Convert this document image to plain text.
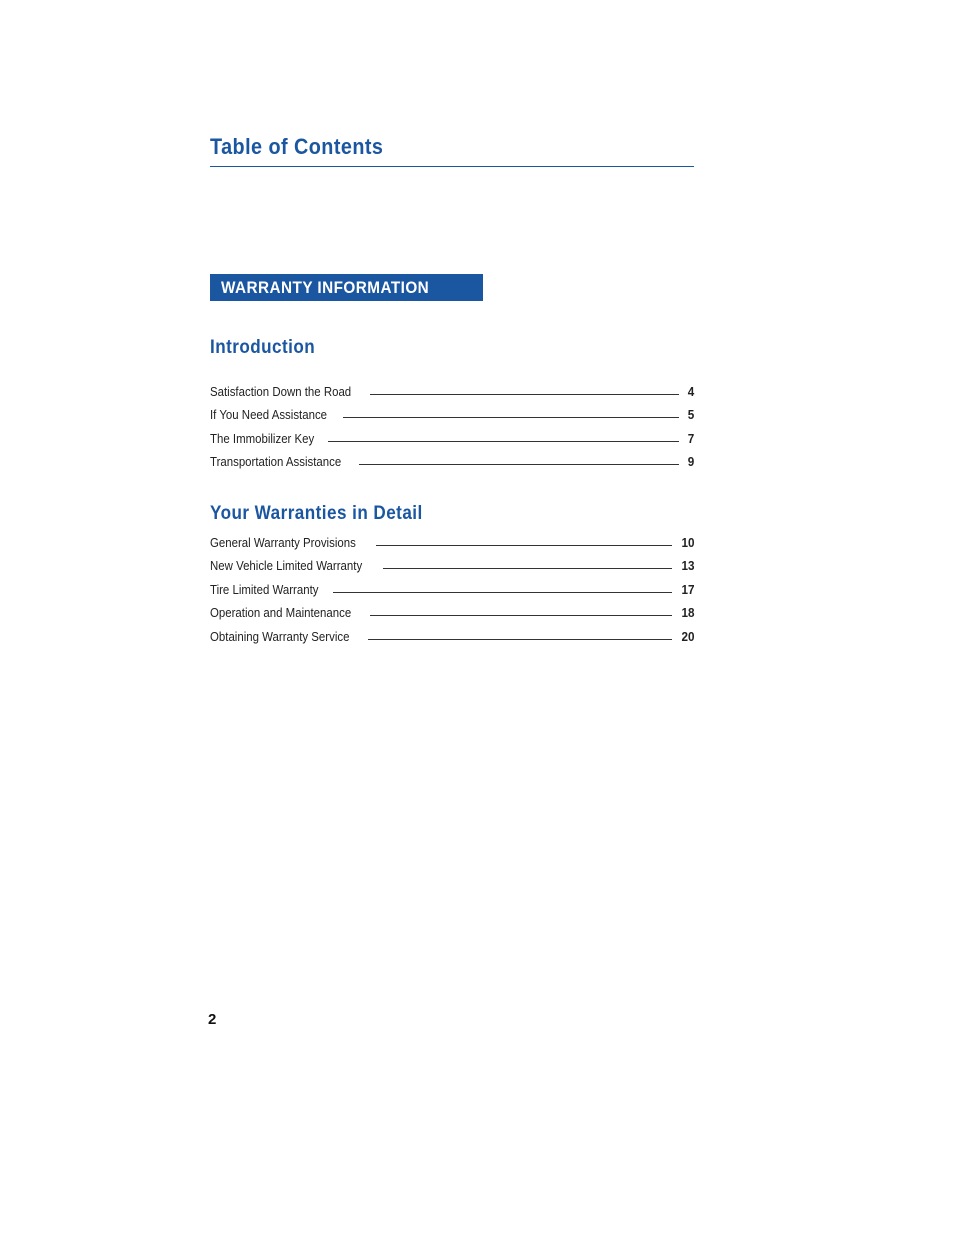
Table of Contents
WARRANTY INFORMATION
Introduction
Satisfaction Down the Road	4
If You Need Assistance	5
The Immobilizer Key	7
Transportation Assistance	9
Your Warranties in Detail
General Warranty Provisions	10
New Vehicle Limited Warranty	13
Tire Limited Warranty	17
Operation and Maintenance	18
Obtaining Warranty Service	20
2
